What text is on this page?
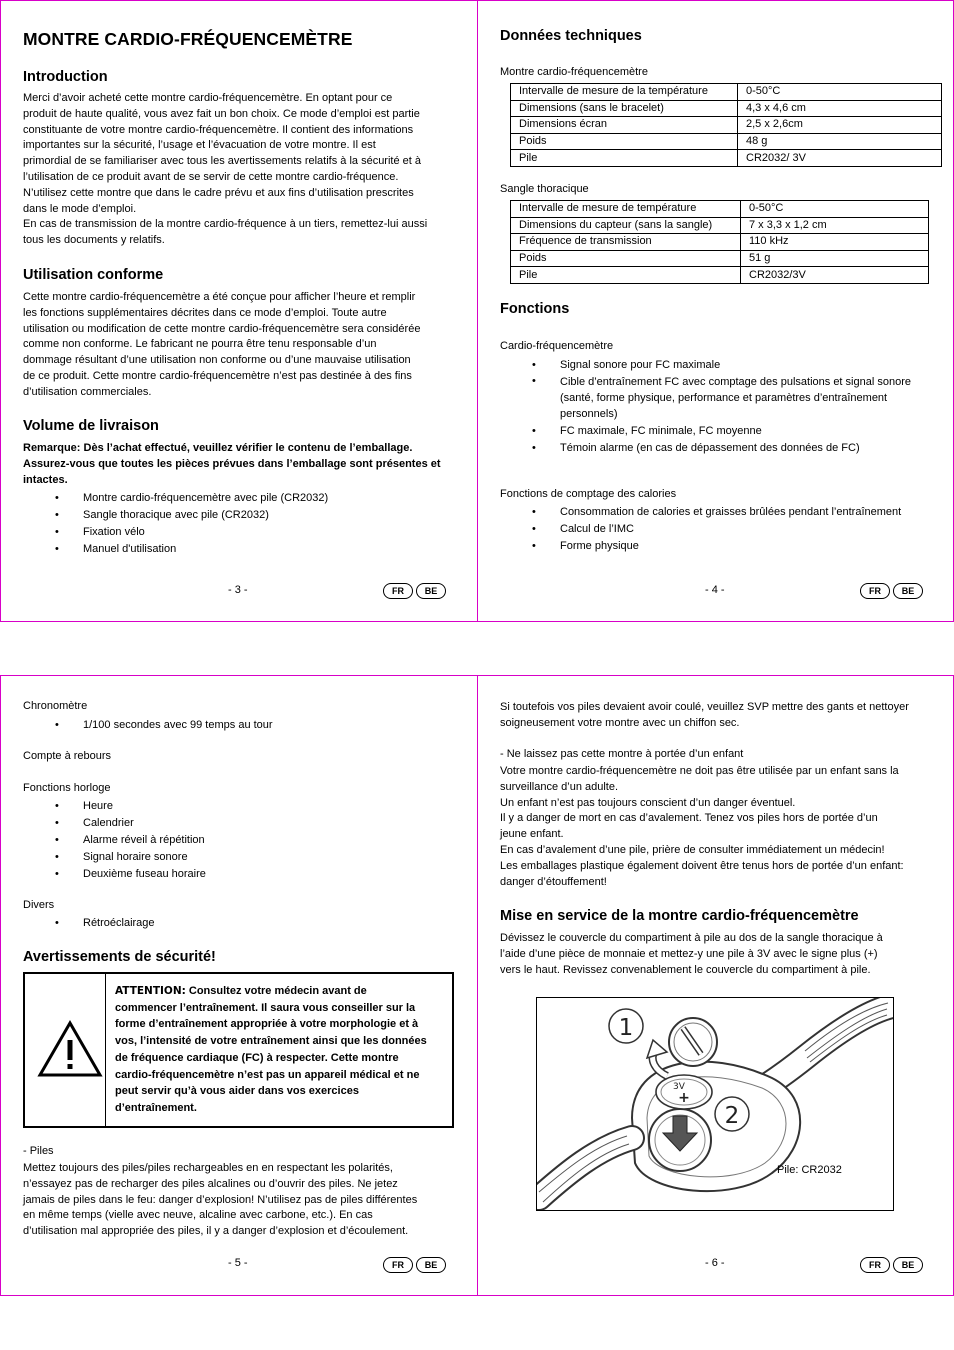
MONTRE CARDIO-FRÉQUENCEMÈTRE
Introduction

Merci d’avoir acheté cette montre cardio-fréquencemètre. En optant pour ce

produit de haute qualité, vous avez fait un bon choix. Ce mode d’emploi est partie

constituante de votre montre cardio-fréquencemètre. Il contient des informations

importantes sur la sécurité, l’usage et l’évacuation de votre montre. Il est

primordial de se familiariser avec tous les avertissements relatifs à la sécurité et à

l’utilisation de ce produit avant de se servir de cette montre cardio-fréquence.

N’utilisez cette montre que dans le cadre prévu et aux fins d’utilisation prescrites

dans le mode d’emploi.

En cas de transmission de la montre cardio-fréquence à un tiers, remettez-lui aussi

tous les documents y relatifs.

Utilisation conforme

Cette montre cardio-fréquencemètre a été conçue pour afficher l’heure et remplir

les fonctions supplémentaires décrites dans ce mode d’emploi. Toute autre

utilisation ou modification de cette montre cardio-fréquencemètre sera considérée

comme non conforme. Le fabricant ne pourra être tenu responsable d’un

dommage résultant d’une utilisation non conforme ou d’une mauvaise utilisation

de ce produit. Cette montre cardio-fréquencemètre n’est pas destinée à des fins

d’utilisation commerciales.

Volume de livraison

Remarque: Dès l’achat effectué, veuillez vérifier le contenu de l’emballage.

Assurez-vous que toutes les pièces prévues dans l’emballage sont présentes et

intactes.

• Montre cardio-fréquencemètre avec pile (CR2032)
• Sangle thoracique avec pile (CR2032)
• Fixation vélo
• Manuel d'utilisation
- 3 -	FR	BE
Données techniques
Montre cardio-fréquencemètre
Intervalle de mesure de la température	0-50°C
Dimensions (sans le bracelet)	4,3 x 4,6 cm
Dimensions écran	2,5 x 2,6cm
Poids	48 g
Pile	CR2032/ 3V
Sangle thoracique
Intervalle de mesure de température	0-50°C
Dimensions du capteur (sans la sangle)	7 x 3,3 x 1,2 cm
Fréquence de transmission	110 kHz
Poids	51 g
Pile	CR2032/3V
Fonctions
Cardio-fréquencemètre
• Signal sonore pour FC maximale
• Cible d’entraînement FC avec comptage des pulsations et signal sonore
(santé, forme physique, performance et paramètres d’entraînement personnels)
• FC maximale, FC minimale, FC moyenne
• Témoin alarme (en cas de dépassement des données de FC)
Fonctions de comptage des calories
• Consommation de calories et graisses brûlées pendant l’entraînement
• Calcul de l’IMC
• Forme physique
- 4 -	FR	BE
Chronomètre
• 1/100 secondes avec 99 temps au tour
Compte à rebours
Fonctions horloge
• Heure
• Calendrier
• Alarme réveil à répétition
• Signal horaire sonore
• Deuxième fuseau horaire
Divers
• Rétroéclairage
Avertissements de sécurité!
ATTENTION: Consultez votre médecin avant de
commencer l’entraînement. Il saura vous conseiller sur la
forme d’entraînement appropriée à votre morphologie et à
vos, l’intensité de votre entraînement ainsi que les données
de fréquence cardiaque (FC) à respecter. Cette montre
cardio-fréquencemètre n’est pas un appareil médical et ne
peut servir qu’à vous aider dans vos exercices
d’entraînement.
- Piles

Mettez toujours des piles/piles rechargeables en en respectant les polarités,

n’essayez pas de recharger des piles alcalines ou d’ouvrir des piles. Ne jetez

jamais de piles dans le feu: danger d’explosion! N’utilisez pas de piles différentes

en même temps (vielle avec neuve, alcaline avec carbone, etc.). En cas

d’utilisation mal appropriée des piles, il y a danger d’explosion et d’écoulement.

- 5 -	FR	BE

Si toutefois vos piles devaient avoir coulé, veuillez SVP mettre des gants et nettoyer

soigneusement votre montre avec un chiffon sec.

- Ne laissez pas cette montre à portée d’un enfant

Votre montre cardio-fréquencemètre ne doit pas être utilisée par un enfant sans la

surveillance d’un adulte.

Un enfant n’est pas toujours conscient d’un danger éventuel.

Il y a danger de mort en cas d’avalement. Tenez vos piles hors de portée d’un

jeune enfant.

En cas d’avalement d’une pile, prière de consulter immédiatement un médecin!

Les emballages plastique également doivent être tenus hors de portée d’un enfant:

danger d’étouffement!

Mise en service de la montre cardio-fréquencemètre

Dévissez le couvercle du compartiment à pile au dos de la sangle thoracique à

l’aide d’une pièce de monnaie et mettez-y une pile à 3V avec le signe plus (+)

vers le haut. Revissez convenablement le couvercle du compartiment à pile.

1
2
3V
+
Pile: CR2032
- 6 -	FR	BE
